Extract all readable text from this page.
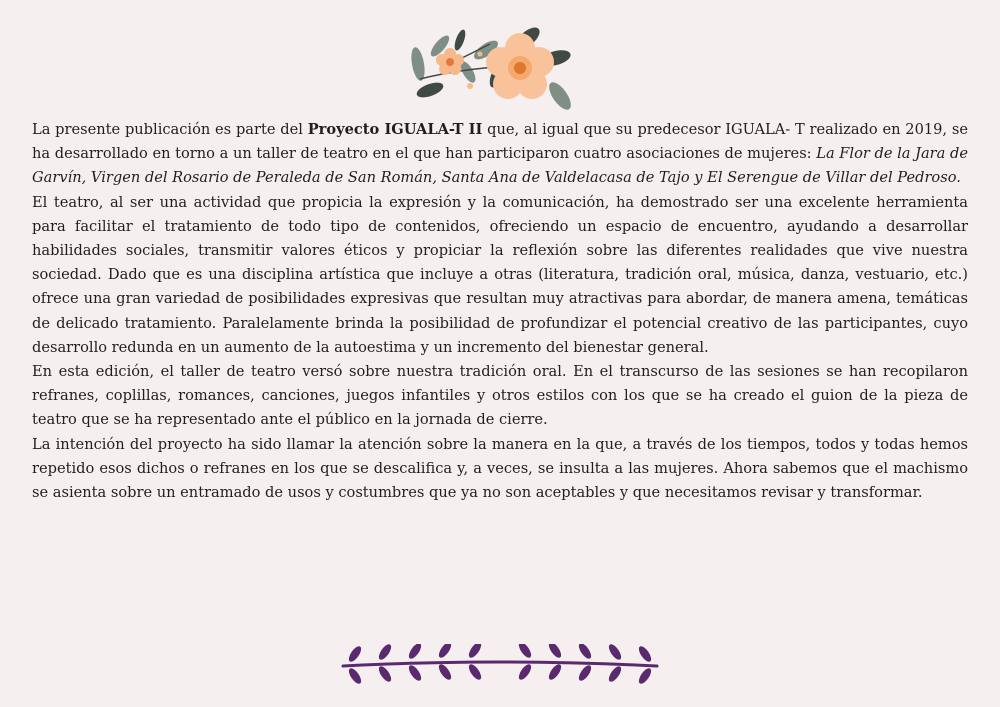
La presente publicación es parte del Proyecto IGUALA-T II que, al igual que su predecesor IGUALA- T realizado en 2019, se ha desarrollado en torno a un taller de teatro en el que han participaron cuatro asociaciones de mujeres: La Flor de la Jara de Garvín, Virgen del Rosario de Peraleda de San Román, Santa Ana de Valdelacasa de Tajo y El Serengue de Villar del Pedroso.

El teatro, al ser una actividad que propicia la expresión y la comunicación, ha demostrado ser una excelente herramienta para facilitar el tratamiento de todo tipo de contenidos, ofreciendo un espacio de encuentro, ayudando a desarrollar habilidades sociales, transmitir valores éticos y propiciar la reflexión sobre las diferentes realidades que vive nuestra sociedad. Dado que es una disciplina artística que incluye a otras (literatura, tradición oral, música, danza, vestuario, etc.) ofrece una gran variedad de posibilidades expresivas que resultan muy atractivas para abordar, de manera amena, temáticas de delicado tratamiento. Paralelamente brinda la posibilidad de profundizar el potencial creativo de las participantes, cuyo desarrollo redunda en un aumento de la autoestima y un incremento del bienestar general.

En esta edición, el taller de teatro versó sobre nuestra tradición oral. En el transcurso de las sesiones se han recopilaron refranes, coplillas, romances, canciones, juegos infantiles y otros estilos con los que se ha creado el guion de la pieza de teatro que se ha representado ante el público en la jornada de cierre.

La intención del proyecto ha sido llamar la atención sobre la manera en la que, a través de los tiempos, todos y todas hemos repetido esos dichos o refranes en los que se descalifica y, a veces, se insulta a las mujeres. Ahora sabemos que el machismo se asienta sobre un entramado de usos y costumbres que ya no son aceptables y que necesitamos revisar y transformar.
